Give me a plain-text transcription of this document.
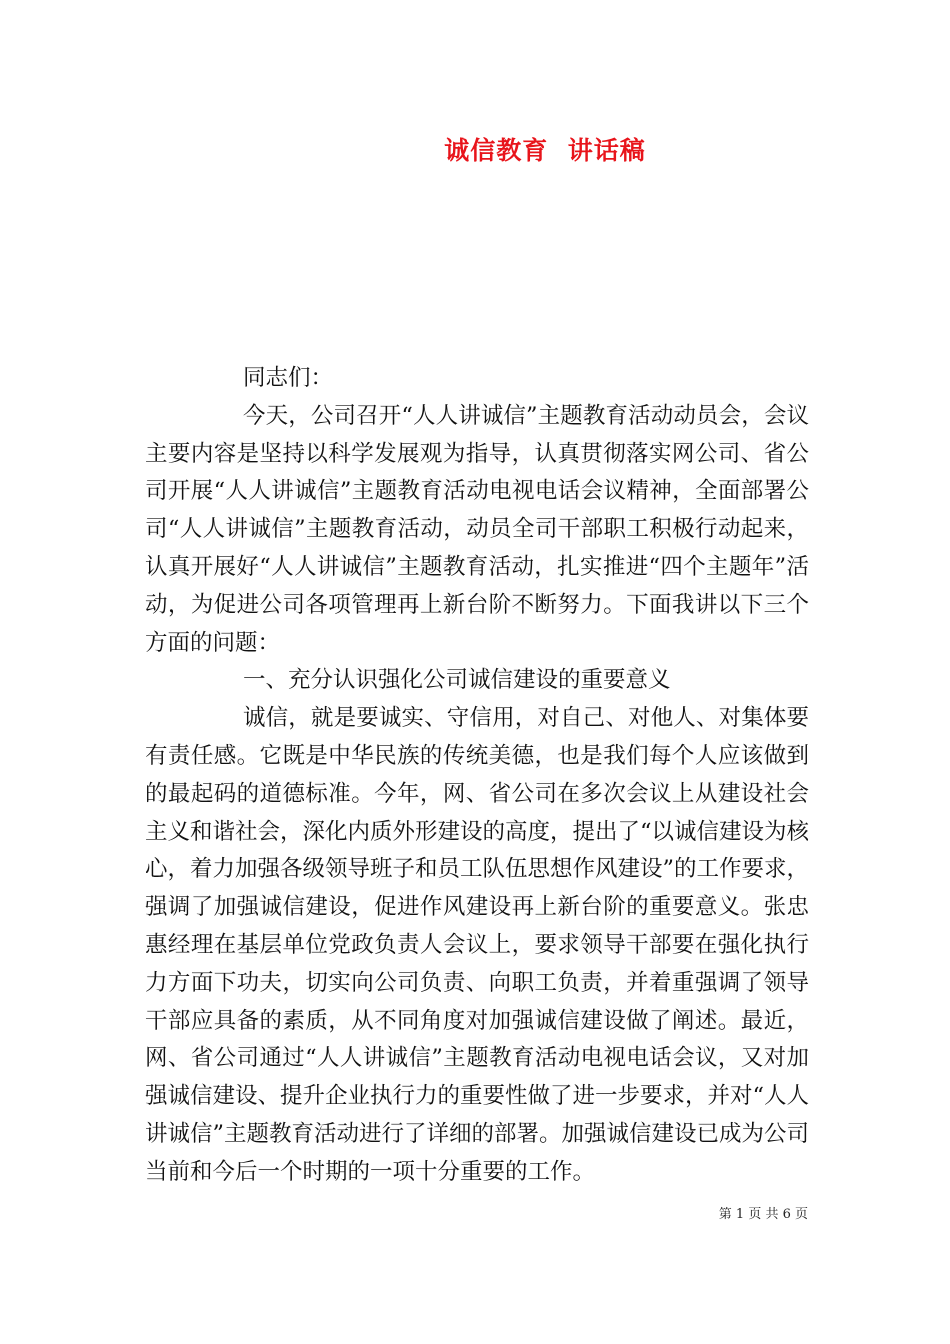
诚信教育  讲话稿

同志们：

今天，公司召开“人人讲诚信”主题教育活动动员会，会议主要内容是坚持以科学发展观为指导，认真贯彻落实网公司、省公司开展“人人讲诚信”主题教育活动电视电话会议精神，全面部署公司“人人讲诚信”主题教育活动，动员全司干部职工积极行动起来，认真开展好“人人讲诚信”主题教育活动，扎实推进“四个主题年”活动，为促进公司各项管理再上新台阶不断努力。下面我讲以下三个方面的问题：

一、充分认识强化公司诚信建设的重要意义

诚信，就是要诚实、守信用，对自己、对他人、对集体要有责任感。它既是中华民族的传统美德，也是我们每个人应该做到的最起码的道德标准。今年，网、省公司在多次会议上从建设社会主义和谐社会，深化内质外形建设的高度，提出了“以诚信建设为核心，着力加强各级领导班子和员工队伍思想作风建设”的工作要求，强调了加强诚信建设，促进作风建设再上新台阶的重要意义。张忠惠经理在基层单位党政负责人会议上，要求领导干部要在强化执行力方面下功夫，切实向公司负责、向职工负责，并着重强调了领导干部应具备的素质，从不同角度对加强诚信建设做了阐述。最近，网、省公司通过“人人讲诚信”主题教育活动电视电话会议，又对加强诚信建设、提升企业执行力的重要性做了进一步要求，并对“人人讲诚信”主题教育活动进行了详细的部署。加强诚信建设已成为公司当前和今后一个时期的一项十分重要的工作。

第 1 页 共 6 页
